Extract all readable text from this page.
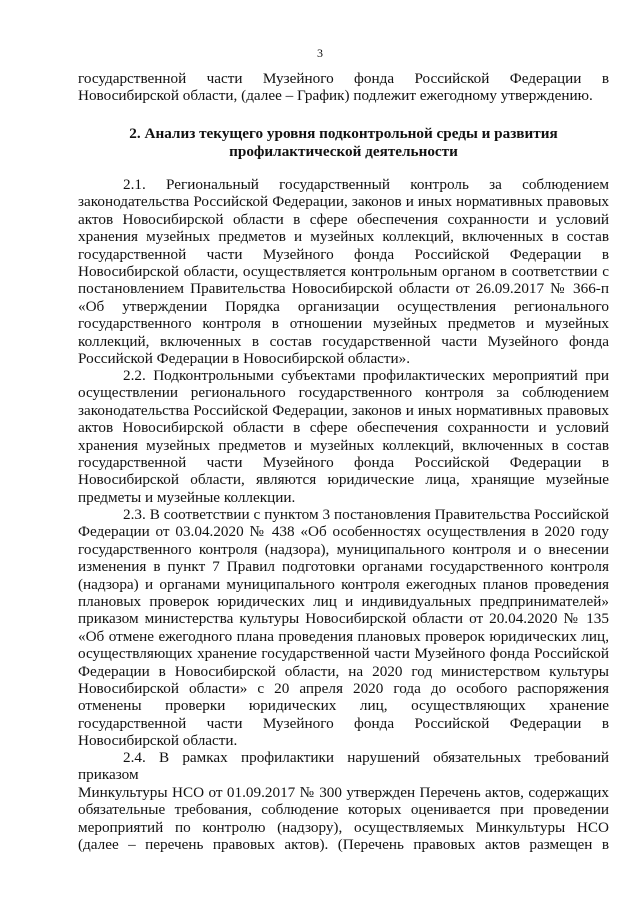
3

государственной части Музейного фонда Российской Федерации в

Новосибирской области, (далее – График) подлежит ежегодному утверждению.

2. Анализ текущего уровня подконтрольной среды и развития

профилактической деятельности

2.1. Региональный государственный контроль за соблюдением

законодательства Российской Федерации, законов и иных нормативных правовых

актов Новосибирской области в сфере обеспечения сохранности и условий

хранения музейных предметов и музейных коллекций, включенных в состав

государственной части Музейного фонда Российской Федерации в

Новосибирской области, осуществляется контрольным органом в соответствии с

постановлением Правительства Новосибирской области от 26.09.2017 № 366-п

«Об утверждении Порядка организации осуществления регионального

государственного контроля в отношении музейных предметов и музейных

коллекций, включенных в состав государственной части Музейного фонда

Российской Федерации в Новосибирской области».

2.2. Подконтрольными субъектами профилактических мероприятий при

осуществлении регионального государственного контроля за соблюдением

законодательства Российской Федерации, законов и иных нормативных правовых

актов Новосибирской области в сфере обеспечения сохранности и условий

хранения музейных предметов и музейных коллекций, включенных в состав

государственной части Музейного фонда Российской Федерации в

Новосибирской области, являются юридические лица, хранящие музейные

предметы и музейные коллекции.

2.3. В соответствии с пунктом 3 постановления Правительства Российской

Федерации от 03.04.2020 № 438 «Об особенностях осуществления в 2020 году

государственного контроля (надзора), муниципального контроля и о внесении

изменения в пункт 7 Правил подготовки органами государственного контроля

(надзора) и органами муниципального контроля ежегодных планов проведения

плановых проверок юридических лиц и индивидуальных предпринимателей»

приказом министерства культуры Новосибирской области от 20.04.2020 № 135

«Об отмене ежегодного плана проведения плановых проверок юридических лиц,

осуществляющих хранение государственной части Музейного фонда Российской

Федерации в Новосибирской области, на 2020 год министерством культуры

Новосибирской области» с 20 апреля 2020 года до особого распоряжения

отменены проверки юридических лиц, осуществляющих хранение

государственной части Музейного фонда Российской Федерации в

Новосибирской области.

2.4. В рамках профилактики нарушений обязательных требований приказом

Минкультуры НСО от 01.09.2017 № 300 утвержден Перечень актов, содержащих

обязательные требования, соблюдение которых оценивается при проведении

мероприятий по контролю (надзору), осуществляемых Минкультуры НСО

(далее – перечень правовых актов). (Перечень правовых актов размещен в
